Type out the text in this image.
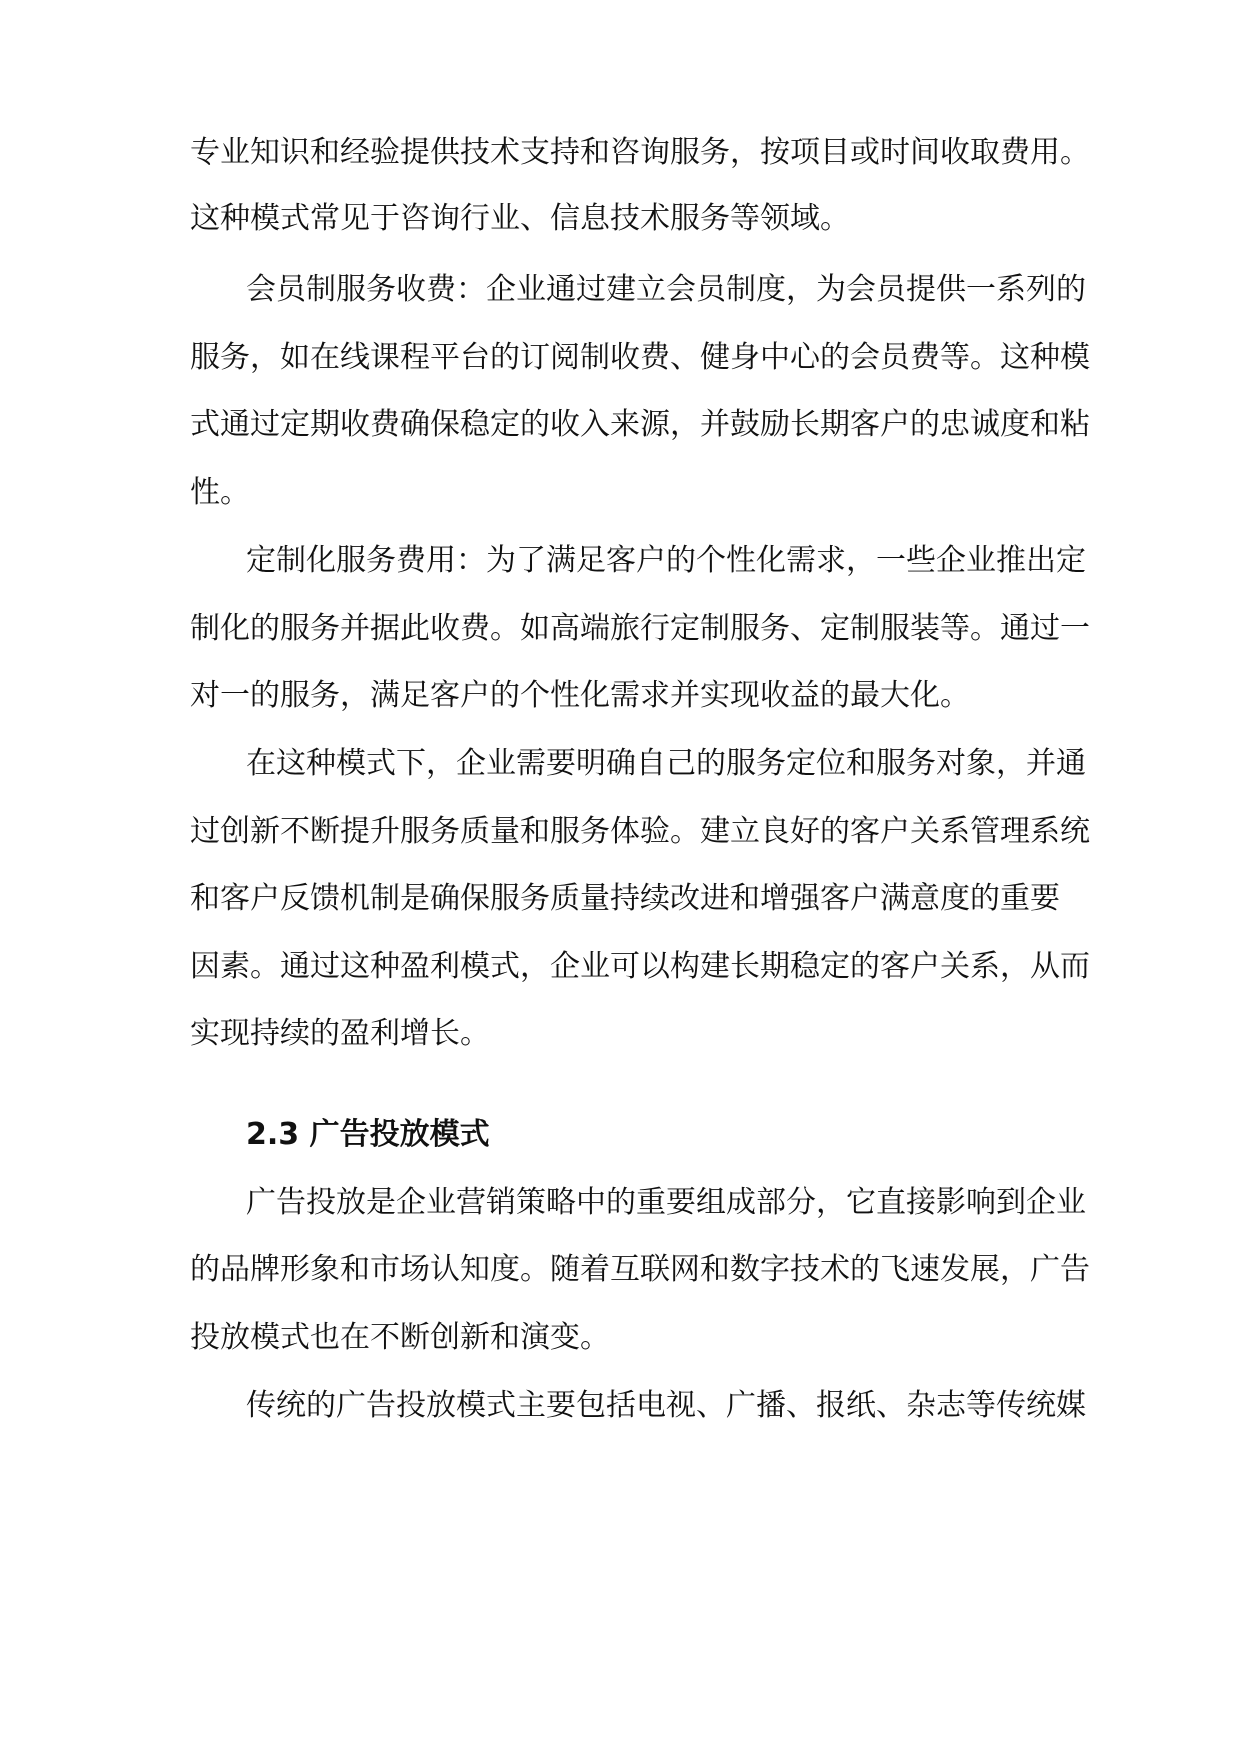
专业知识和经验提供技术支持和咨询服务，按项目或时间收取费用。
这种模式常见于咨询行业、信息技术服务等领域。
会员制服务收费：企业通过建立会员制度，为会员提供一系列的
服务，如在线课程平台的订阅制收费、健身中心的会员费等。这种模
式通过定期收费确保稳定的收入来源，并鼓励长期客户的忠诚度和粘
性。
定制化服务费用：为了满足客户的个性化需求，一些企业推出定
制化的服务并据此收费。如高端旅行定制服务、定制服装等。通过一
对一的服务，满足客户的个性化需求并实现收益的最大化。
在这种模式下，企业需要明确自己的服务定位和服务对象，并通
过创新不断提升服务质量和服务体验。建立良好的客户关系管理系统
和客户反馈机制是确保服务质量持续改进和增强客户满意度的重要
因素。通过这种盈利模式，企业可以构建长期稳定的客户关系，从而
实现持续的盈利增长。
2.3 广告投放模式
广告投放是企业营销策略中的重要组成部分，它直接影响到企业
的品牌形象和市场认知度。随着互联网和数字技术的飞速发展，广告
投放模式也在不断创新和演变。
传统的广告投放模式主要包括电视、广播、报纸、杂志等传统媒
